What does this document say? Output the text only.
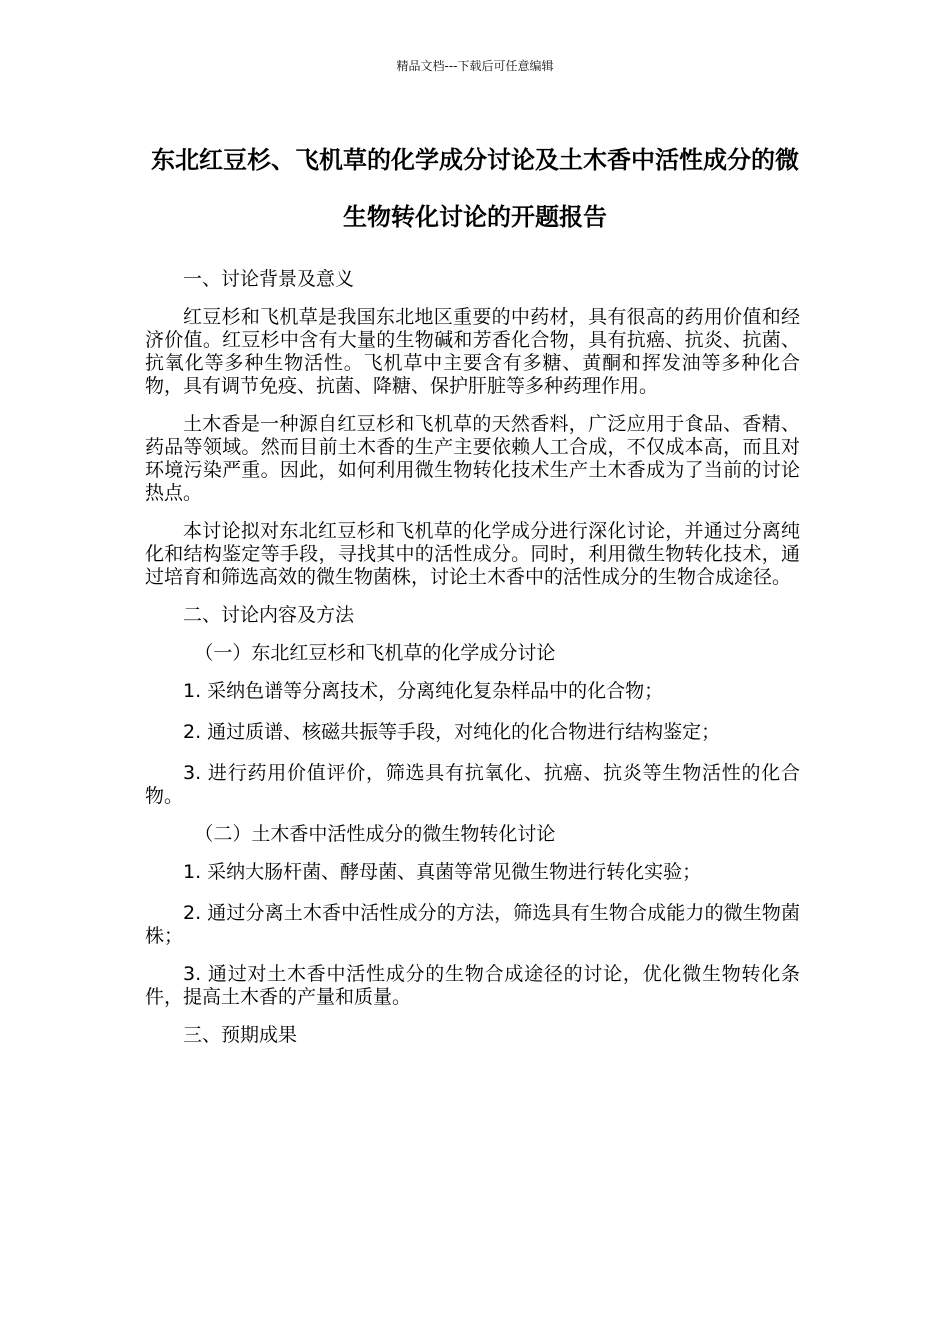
精品文档---下载后可任意编辑
东北红豆杉、飞机草的化学成分讨论及土木香中活性成分的微生物转化讨论的开题报告

一、讨论背景及意义

红豆杉和飞机草是我国东北地区重要的中药材，具有很高的药用价值和经济价值。红豆杉中含有大量的生物碱和芳香化合物，具有抗癌、抗炎、抗菌、抗氧化等多种生物活性。飞机草中主要含有多糖、黄酮和挥发油等多种化合物，具有调节免疫、抗菌、降糖、保护肝脏等多种药理作用。

土木香是一种源自红豆杉和飞机草的天然香料，广泛应用于食品、香精、药品等领域。然而目前土木香的生产主要依赖人工合成，不仅成本高，而且对环境污染严重。因此，如何利用微生物转化技术生产土木香成为了当前的讨论热点。

本讨论拟对东北红豆杉和飞机草的化学成分进行深化讨论，并通过分离纯化和结构鉴定等手段，寻找其中的活性成分。同时，利用微生物转化技术，通过培育和筛选高效的微生物菌株，讨论土木香中的活性成分的生物合成途径。

二、讨论内容及方法

（一）东北红豆杉和飞机草的化学成分讨论

1. 采纳色谱等分离技术，分离纯化复杂样品中的化合物；

2. 通过质谱、核磁共振等手段，对纯化的化合物进行结构鉴定；

3. 进行药用价值评价，筛选具有抗氧化、抗癌、抗炎等生物活性的化合物。

（二）土木香中活性成分的微生物转化讨论

1. 采纳大肠杆菌、酵母菌、真菌等常见微生物进行转化实验；

2. 通过分离土木香中活性成分的方法，筛选具有生物合成能力的微生物菌株；

3. 通过对土木香中活性成分的生物合成途径的讨论，优化微生物转化条件，提高土木香的产量和质量。

三、预期成果
